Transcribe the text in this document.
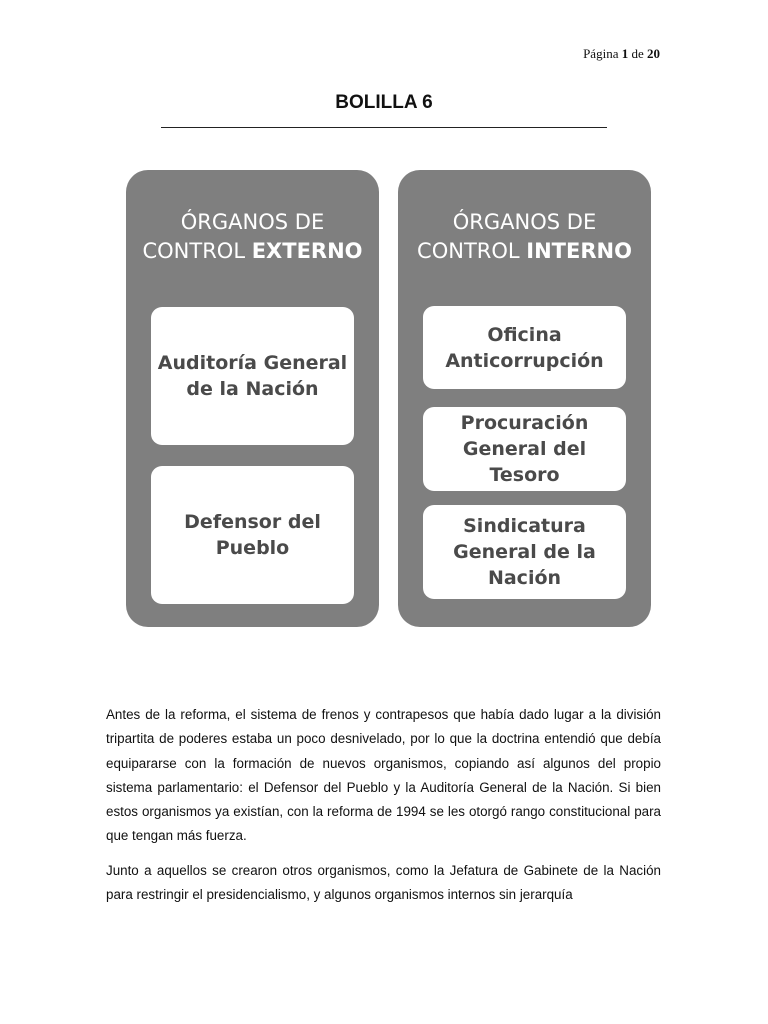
Página 1 de 20
BOLILLA 6
ÓRGANOS DE
CONTROL EXTERNO
Auditoría General de la Nación
Defensor del Pueblo
ÓRGANOS DE
CONTROL INTERNO
Oficina Anticorrupción
Procuración General del Tesoro
Sindicatura General de la Nación

Antes de la reforma, el sistema de frenos y contrapesos que había dado lugar a la división tripartita de poderes estaba un poco desnivelado, por lo que la doctrina entendió que debía equipararse con la formación de nuevos organismos, copiando así algunos del propio sistema parlamentario: el Defensor del Pueblo y la Auditoría General de la Nación. Si bien estos organismos ya existían, con la reforma de 1994 se les otorgó rango constitucional para que tengan más fuerza.

Junto a aquellos se crearon otros organismos, como la Jefatura de Gabinete de la Nación para restringir el presidencialismo, y algunos organismos internos sin jerarquía
